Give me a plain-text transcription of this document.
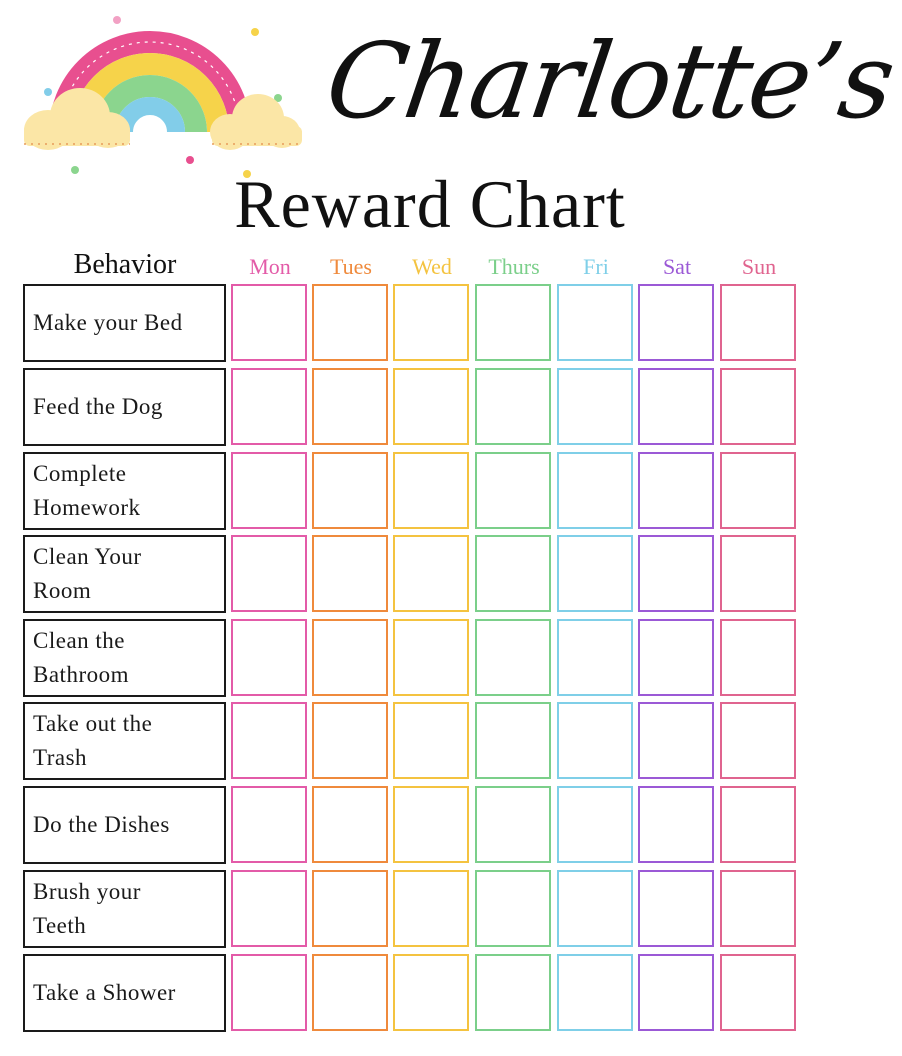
Charlotte’s
Reward Chart
Behavior	Mon	Tues	Wed	Thurs	Fri	Sat	Sun
Make your Bed
Feed the Dog
Complete Homework
Clean Your Room
Clean the Bathroom
Take out the Trash
Do the Dishes
Brush your Teeth
Take a Shower
